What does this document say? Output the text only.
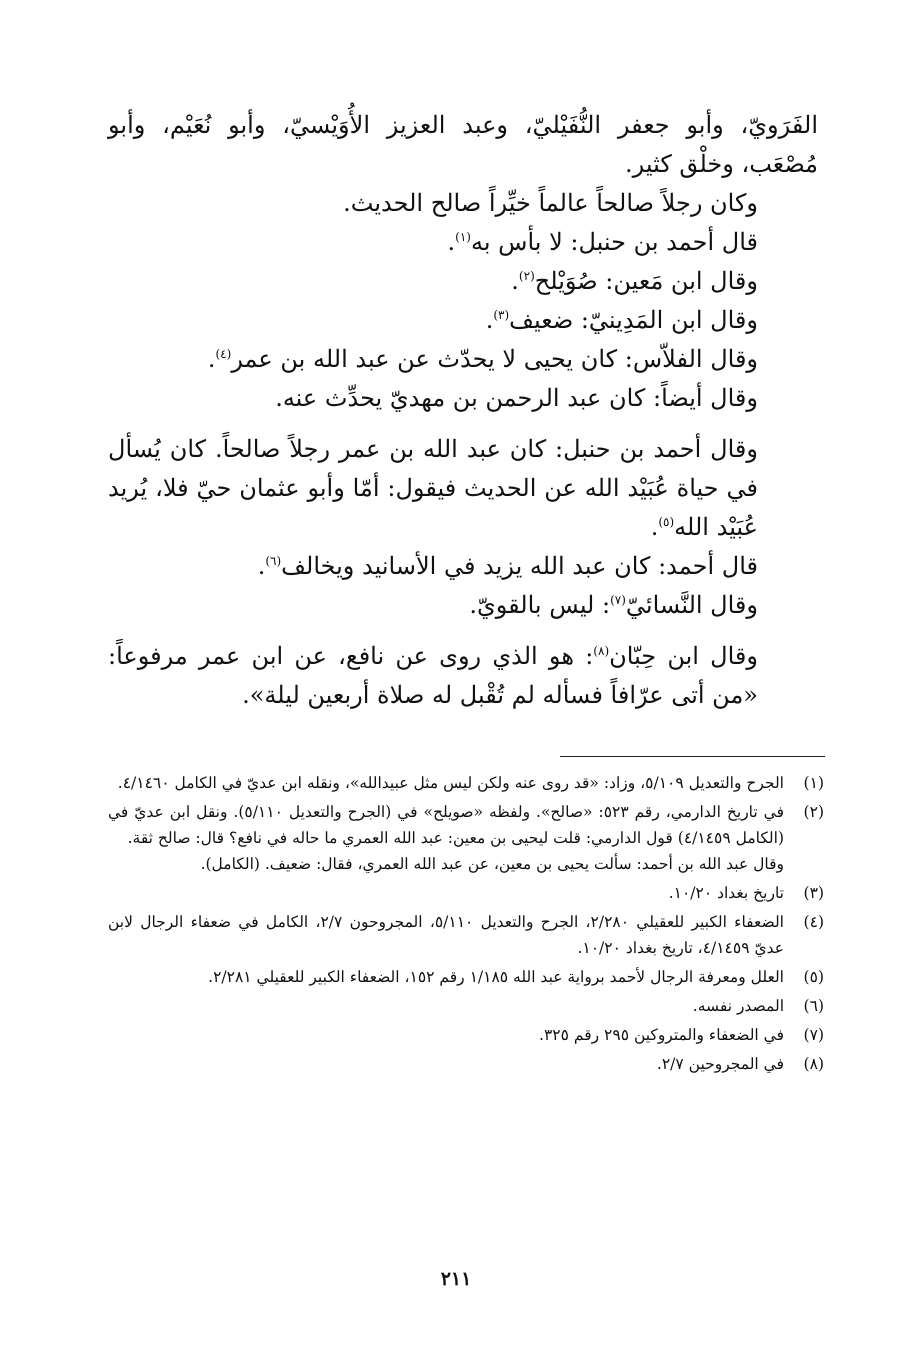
الفَرَويّ، وأبو جعفر النُّفَيْليّ، وعبد العزيز الأُوَيْسيّ، وأبو نُعَيْم، وأبو مُصْعَب، وخلْق كثير.

وكان رجلاً صالحاً عالماً خيِّراً صالح الحديث.

قال أحمد بن حنبل: لا بأس به$^{(١)}$.

وقال ابن مَعين: صُوَيْلح$^{(٢)}$.

وقال ابن المَدِينيّ: ضعيف$^{(٣)}$.

وقال الفلاّس: كان يحيى لا يحدّث عن عبد الله بن عمر$^{(٤)}$.

وقال أيضاً: كان عبد الرحمن بن مهديّ يحدِّث عنه.

وقال أحمد بن حنبل: كان عبد الله بن عمر رجلاً صالحاً. كان يُسأل في حياة عُبَيْد الله عن الحديث فيقول: أمّا وأبو عثمان حيّ فلا، يُريد عُبَيْد الله$^{(٥)}$.

قال أحمد: كان عبد الله يزيد في الأسانيد ويخالف$^{(٦)}$.

وقال النَّسائيّ$^{(٧)}$: ليس بالقويّ.

وقال ابن حِبّان$^{(٨)}$: هو الذي روى عن نافع، عن ابن عمر مرفوعاً: «من أتى عرّافاً فسأله لم تُقْبل له صلاة أربعين ليلة».

(١)

الجرح والتعديل ٥/١٠٩، وزاد: «قد روى عنه ولكن ليس مثل عبيدالله»، ونقله ابن عديّ في الكامل ٤/١٤٦٠.

(٢)

في تاريخ الدارمي، رقم ٥٢٣: «صالح». ولفظه «صويلح» في (الجرح والتعديل ٥/١١٠). ونقل ابن عديّ في (الكامل ٤/١٤٥٩) قول الدارمي: قلت ليحيى بن معين: عبد الله العمري ما حاله في نافع؟ قال: صالح ثقة.

وقال عبد الله بن أحمد: سألت يحيى بن معين، عن عبد الله العمري، فقال: ضعيف. (الكامل).

(٣)

تاريخ بغداد ١٠/٢٠.

(٤)

الضعفاء الكبير للعقيلي ٢/٢٨٠، الجرح والتعديل ٥/١١٠، المجروحون ٢/٧، الكامل في ضعفاء الرجال لابن عديّ ٤/١٤٥٩، تاريخ بغداد ١٠/٢٠.

(٥)

العلل ومعرفة الرجال لأحمد برواية عبد الله ١/١٨٥ رقم ١٥٢، الضعفاء الكبير للعقيلي ٢/٢٨١.

(٦)

المصدر نفسه.

(٧)

في الضعفاء والمتروكين ٢٩٥ رقم ٣٢٥.

(٨)

في المجروحين ٢/٧.

٢١١
